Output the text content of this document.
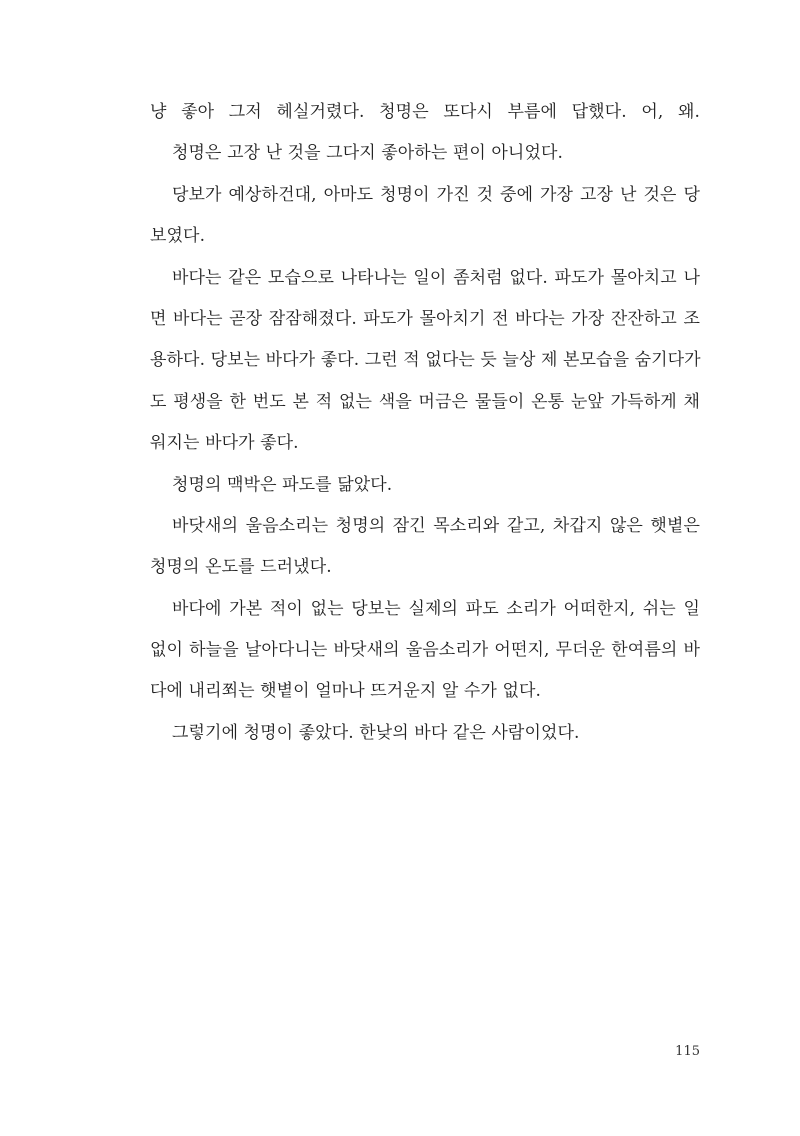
냥 좋아 그저 헤실거렸다. 청명은 또다시 부름에 답했다. 어, 왜.
청명은 고장 난 것을 그다지 좋아하는 편이 아니었다.
당보가 예상하건대, 아마도 청명이 가진 것 중에 가장 고장 난 것은 당
보였다.
바다는 같은 모습으로 나타나는 일이 좀처럼 없다. 파도가 몰아치고 나
면 바다는 곧장 잠잠해졌다. 파도가 몰아치기 전 바다는 가장 잔잔하고 조
용하다. 당보는 바다가 좋다. 그런 적 없다는 듯 늘상 제 본모습을 숨기다가
도 평생을 한 번도 본 적 없는 색을 머금은 물들이 온통 눈앞 가득하게 채
워지는 바다가 좋다.
청명의 맥박은 파도를 닮았다.
바닷새의 울음소리는 청명의 잠긴 목소리와 같고, 차갑지 않은 햇볕은
청명의 온도를 드러냈다.
바다에 가본 적이 없는 당보는 실제의 파도 소리가 어떠한지, 쉬는 일
없이 하늘을 날아다니는 바닷새의 울음소리가 어떤지, 무더운 한여름의 바
다에 내리쬐는 햇볕이 얼마나 뜨거운지 알 수가 없다.
그렇기에 청명이 좋았다. 한낮의 바다 같은 사람이었다.
115
